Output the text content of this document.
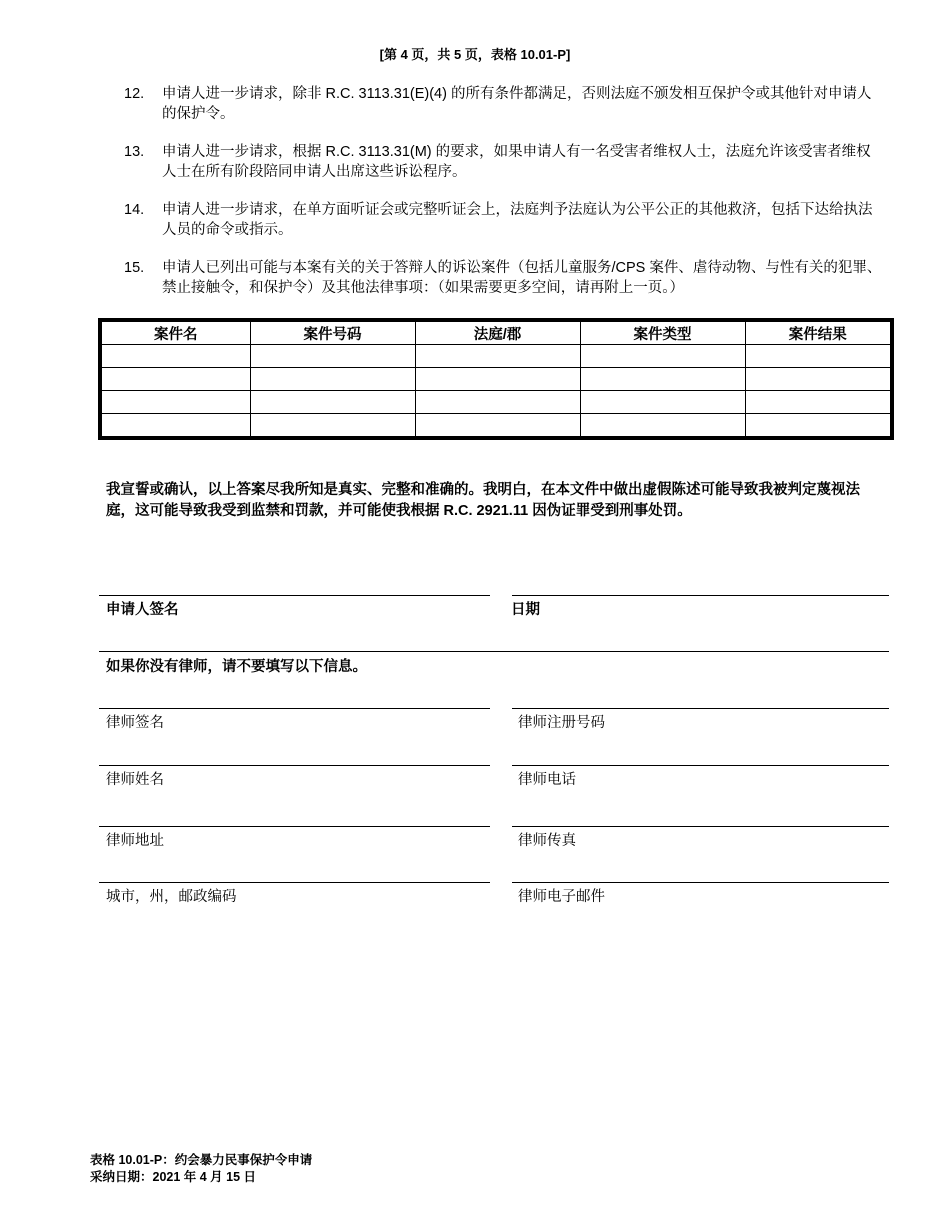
[第 4 页，共 5 页，表格 10.01-P]
12. 申请人进一步请求，除非 R.C. 3113.31(E)(4) 的所有条件都满足，否则法庭不颁发相互保护令或其他针对申请人的保护令。
13. 申请人进一步请求，根据 R.C. 3113.31(M) 的要求，如果申请人有一名受害者维权人士，法庭允许该受害者维权人士在所有阶段陪同申请人出席这些诉讼程序。
14. 申请人进一步请求，在单方面听证会或完整听证会上，法庭判予法庭认为公平公正的其他救济，包括下达给执法人员的命令或指示。
15. 申请人已列出可能与本案有关的关于答辩人的诉讼案件（包括儿童服务/CPS 案件、虐待动物、与性有关的犯罪、禁止接触令，和保护令）及其他法律事项：（如果需要更多空间，请再附上一页。）
案件名	案件号码	法庭/郡	案件类型	案件结果

我宣誓或确认，以上答案尽我所知是真实、完整和准确的。我明白，在本文件中做出虚假陈述可能导致我被判定蔑视法庭，这可能导致我受到监禁和罚款，并可能使我根据 R.C. 2921.11 因伪证罪受到刑事处罚。
申请人签名	日期
如果你没有律师，请不要填写以下信息。
律师签名	律师注册号码
律师姓名	律师电话
律师地址	律师传真
城市，州，邮政编码	律师电子邮件
表格 10.01-P：约会暴力民事保护令申请
采纳日期：2021 年 4 月 15 日
